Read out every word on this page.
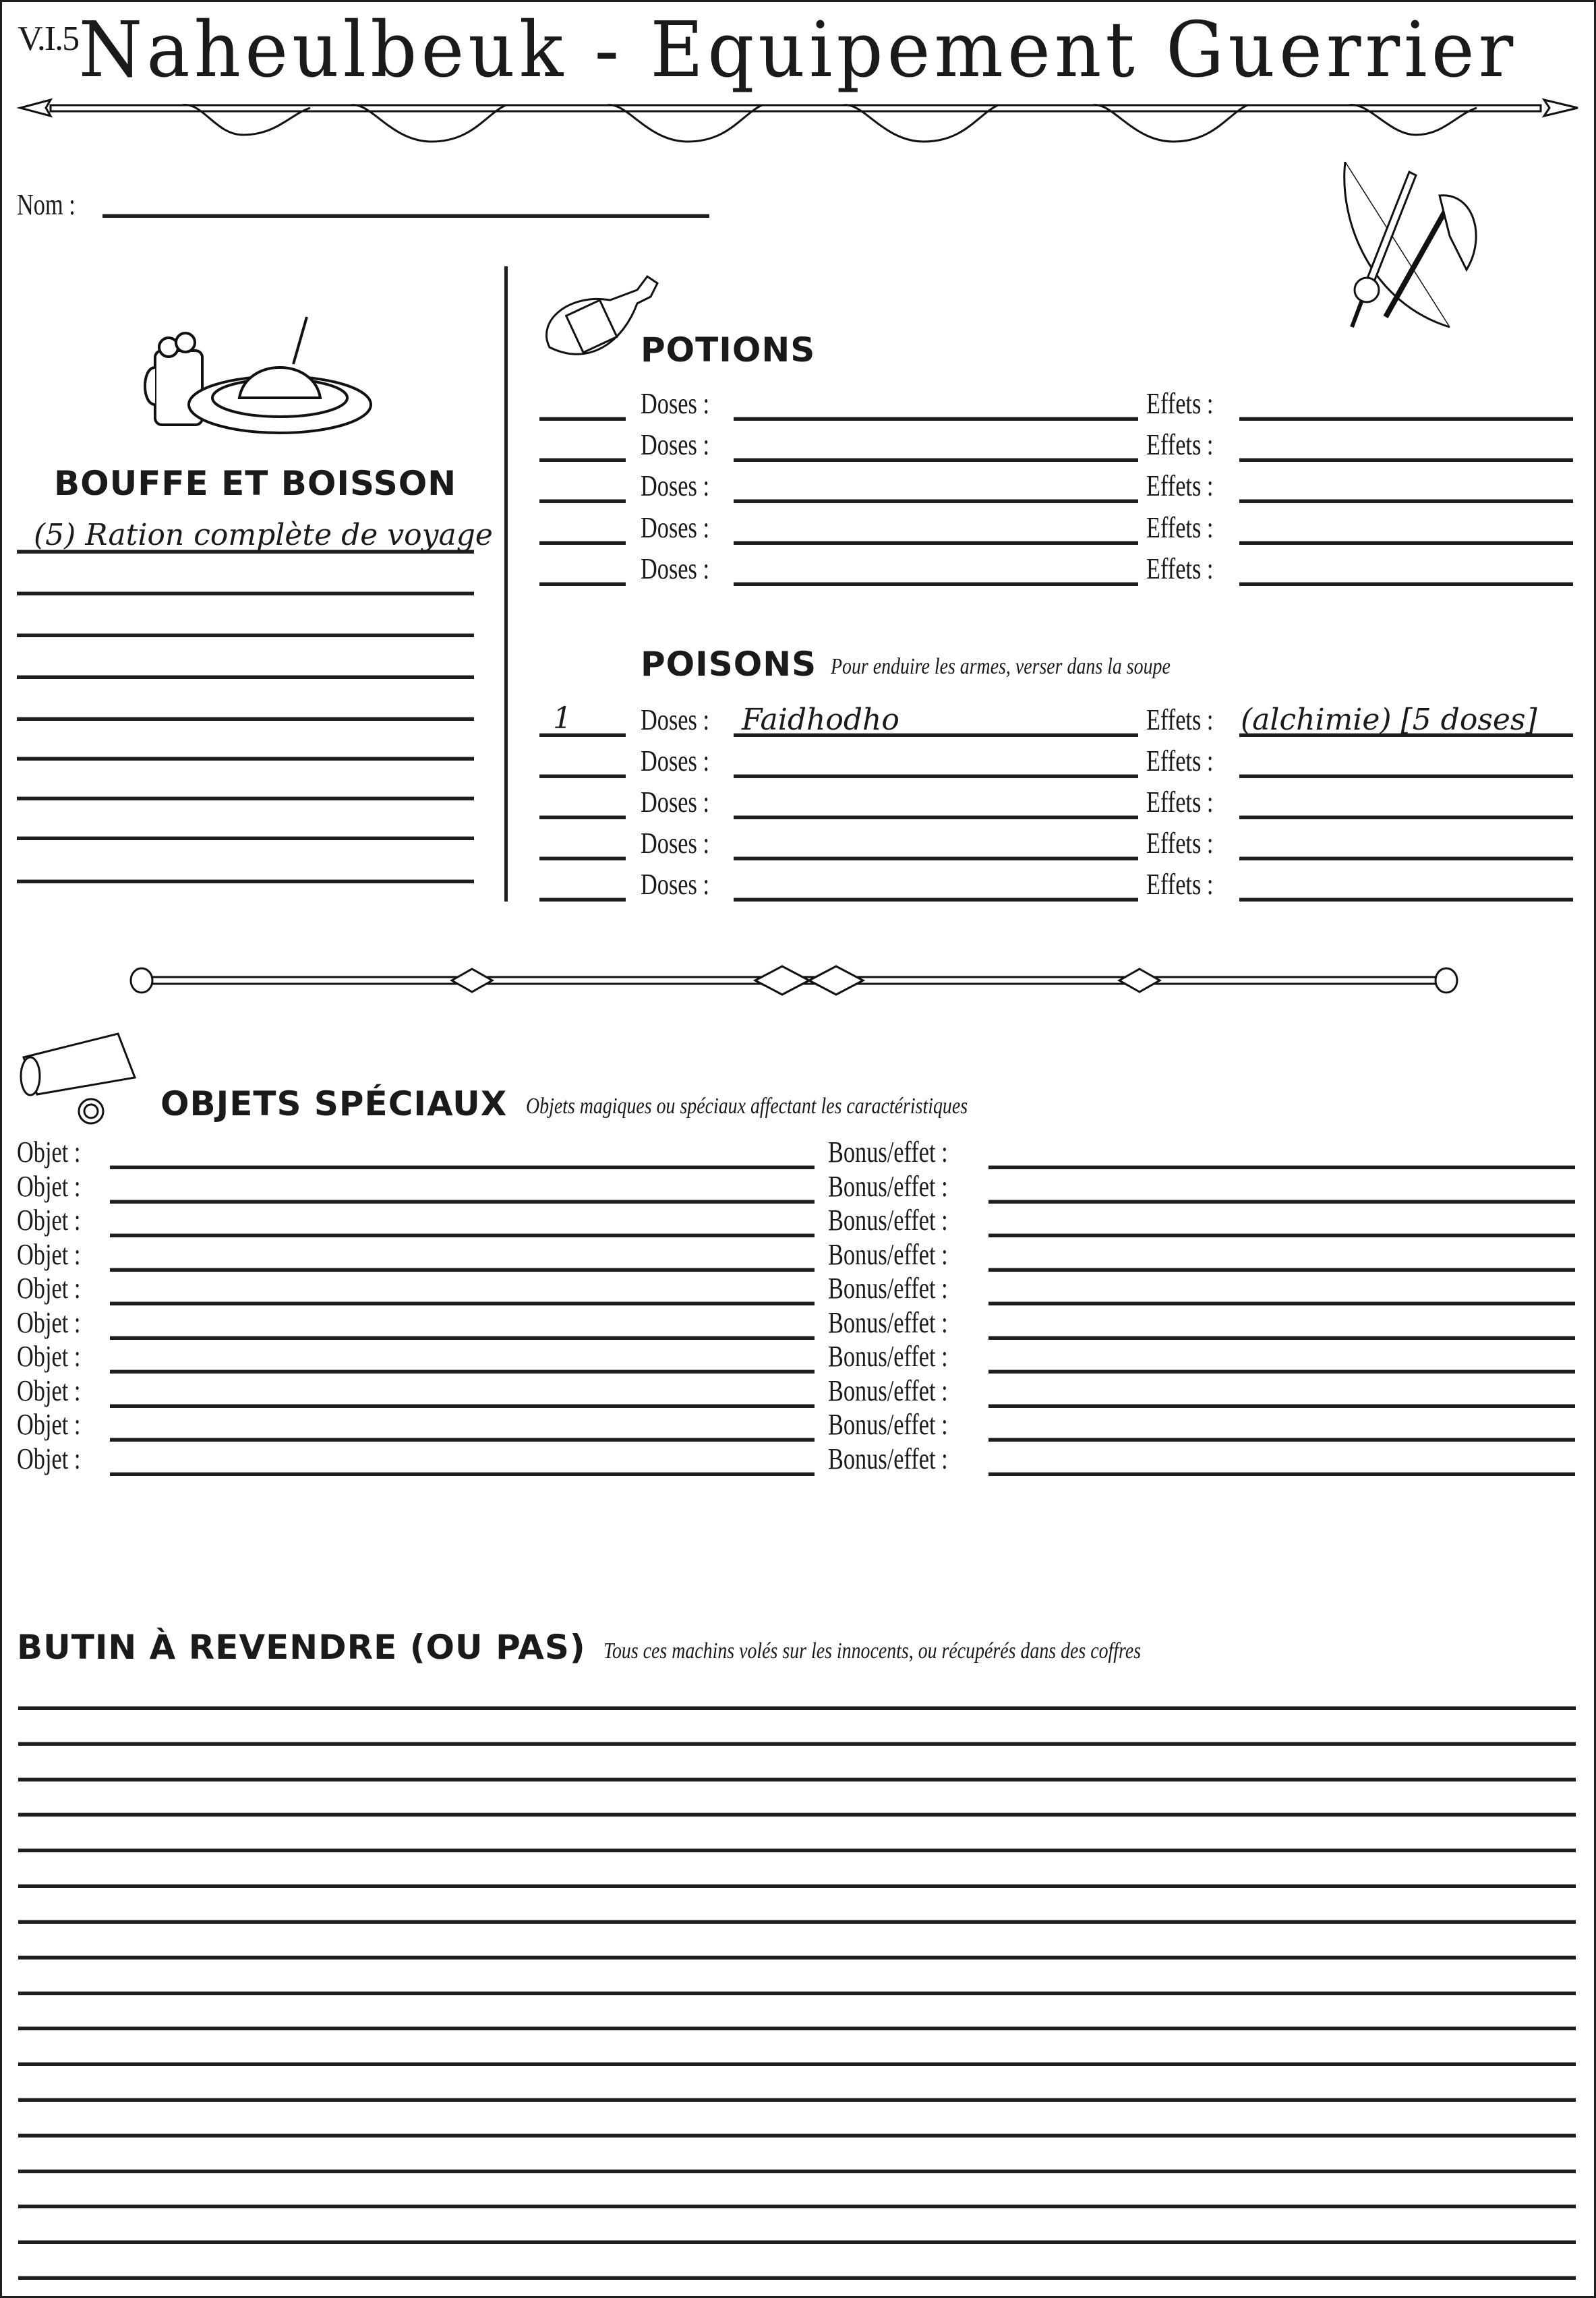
V.I.5 Naheulbeuk - Equipement Guerrier
Nom :
BOUFFE ET BOISSON
(5) Ration complète de voyage
POTIONS
Doses :	Effets :
Doses :	Effets :
Doses :	Effets :
Doses :	Effets :
Doses :	Effets :
POISONS Pour enduire les armes, verser dans la soupe
1 Doses : Faidhodho	Effets : (alchimie) [5 doses]
Doses :	Effets :
Doses :	Effets :
Doses :	Effets :
Doses :	Effets :
OBJETS SPÉCIAUX Objets magiques ou spéciaux affectant les caractéristiques
Objet :	Bonus/effet :
Objet :	Bonus/effet :
Objet :	Bonus/effet :
Objet :	Bonus/effet :
Objet :	Bonus/effet :
Objet :	Bonus/effet :
Objet :	Bonus/effet :
Objet :	Bonus/effet :
Objet :	Bonus/effet :
Objet :	Bonus/effet :
BUTIN À REVENDRE (OU PAS) Tous ces machins volés sur les innocents, ou récupérés dans des coffres
